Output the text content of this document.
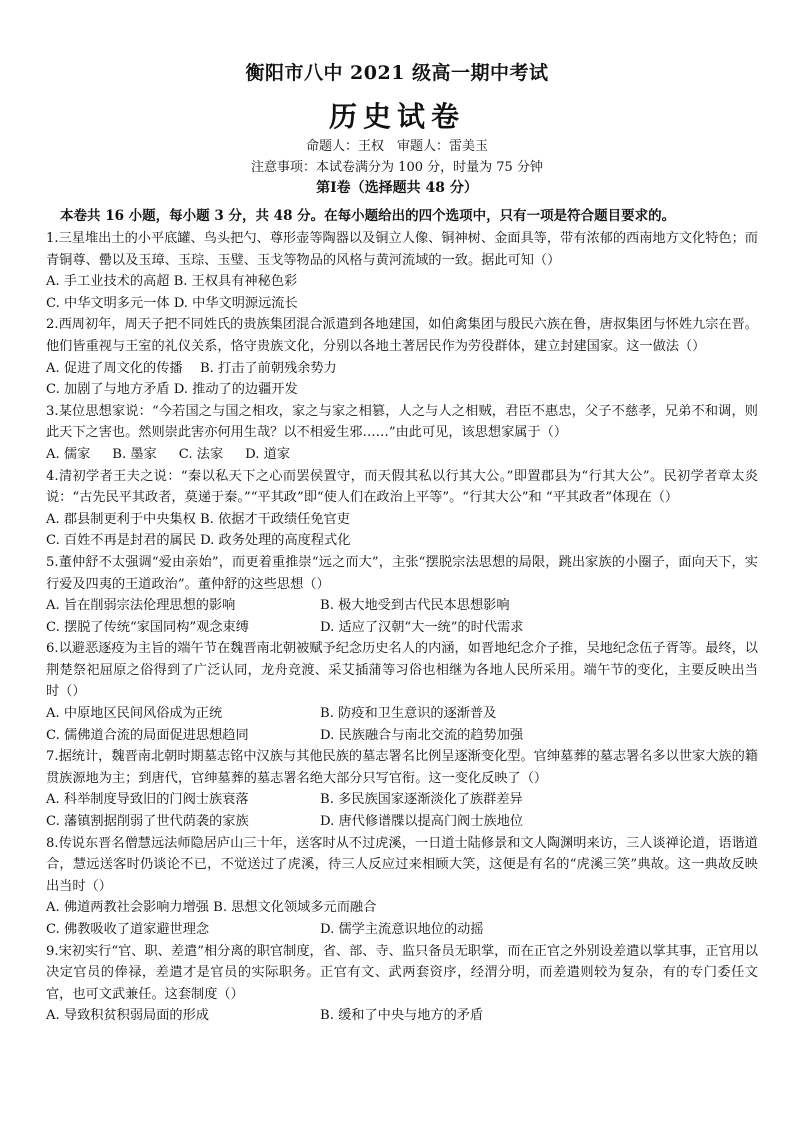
衡阳市八中 2021 级高一期中考试
历史试卷
命题人：王权　审题人：雷美玉
注意事项：本试卷满分为 100 分，时量为 75 分钟
第Ⅰ卷（选择题共 48 分）
本卷共 16 小题，每小题 3 分，共 48 分。在每小题给出的四个选项中，只有一项是符合题目要求的。

1.三星堆出土的小平底罐、鸟头把勺、尊形壶等陶器以及铜立人像、铜神树、金面具等，带有浓郁的西南地方文化特色；而青铜尊、罍以及玉璋、玉琮、玉璧、玉戈等物品的风格与黄河流域的一致。据此可知（）

A. 手工业技术的高超 B. 王权具有神秘色彩

C. 中华文明多元一体 D. 中华文明源远流长

2.西周初年，周天子把不同姓氏的贵族集团混合派遣到各地建国，如伯禽集团与殷民六族在鲁，唐叔集团与怀姓九宗在晋。他们皆重视与王室的礼仪关系，恪守贵族文化，分别以各地土著居民作为劳役群体，建立封建国家。这一做法（）

A. 促进了周文化的传播　 B. 打击了前朝残余势力

C. 加剧了与地方矛盾 D. 推动了的边疆开发

3.某位思想家说：“今若国之与国之相攻，家之与家之相篡，人之与人之相贼，君臣不惠忠，父子不慈孝，兄弟不和调，则此天下之害也。然则崇此害亦何用生哉？以不相爱生邪……”由此可见，该思想家属于（）

A. 儒家 B. 墨家 C. 法家 D. 道家

4.清初学者王夫之说：“秦以私天下之心而罢侯置守，而天假其私以行其大公。”即置郡县为“行其大公”。民初学者章太炎说：“古先民平其政者，莫递于秦。”“平其政”即“使人们在政治上平等”。“行其大公”和 “平其政者”体现在（）

A. 郡县制更利于中央集权 B. 依据才干政绩任免官吏

C. 百姓不再是封君的属民 D. 政务处理的高度程式化

5.董仲舒不太强调“爱由亲始”，而更着重推崇“远之而大”，主张“摆脱宗法思想的局限，跳出家族的小圈子，面向天下，实行爱及四夷的王道政治”。董仲舒的这些思想（）

A. 旨在削弱宗法伦理思想的影响	B. 极大地受到古代民本思想影响

C. 摆脱了传统“家国同构”观念束缚	D. 适应了汉朝“大一统”的时代需求

6.以避恶逐疫为主旨的端午节在魏晋南北朝被赋予纪念历史名人的内涵，如晋地纪念介子推，吴地纪念伍子胥等。最终，以荆楚祭祀屈原之俗得到了广泛认同，龙舟竞渡、采艾插蒲等习俗也相继为各地人民所采用。端午节的变化，主要反映出当时（）

A. 中原地区民间风俗成为正统	B. 防疫和卫生意识的逐渐普及

C. 儒佛道合流的局面促进思想趋同	D. 民族融合与南北交流的趋势加强

7.据统计，魏晋南北朝时期墓志铭中汉族与其他民族的墓志署名比例呈逐渐变化型。官绅墓葬的墓志署名多以世家大族的籍贯族源地为主；到唐代，官绅墓葬的墓志署名绝大部分只写官衔。这一变化反映了（）

A. 科举制度导致旧的门阀士族衰落	B. 多民族国家逐渐淡化了族群差异

C. 藩镇割据削弱了世代荫袭的家族	D. 唐代修谱牒以提高门阀士族地位

8.传说东晋名僧慧远法师隐居庐山三十年，送客时从不过虎溪，一日道士陆修景和文人陶渊明来访，三人谈禅论道，语谐道合，慧远送客时仍谈论不已，不觉送过了虎溪，待三人反应过来相顾大笑，这便是有名的“虎溪三笑”典故。这一典故反映出当时（）

A. 佛道两教社会影响力增强 B. 思想文化领域多元而融合

C. 佛教吸收了道家避世理念	D. 儒学主流意识地位的动摇

9.宋初实行“官、职、差遣”相分离的职官制度，省、部、寺、监只备员无职掌，而在正官之外别设差遣以掌其事，正官用以决定官员的俸禄，差遣才是官员的实际职务。正官有文、武两套资序，经渭分明，而差遣则较为复杂，有的专门委任文官，也可文武兼任。这套制度（）

A. 导致积贫积弱局面的形成	B. 缓和了中央与地方的矛盾
